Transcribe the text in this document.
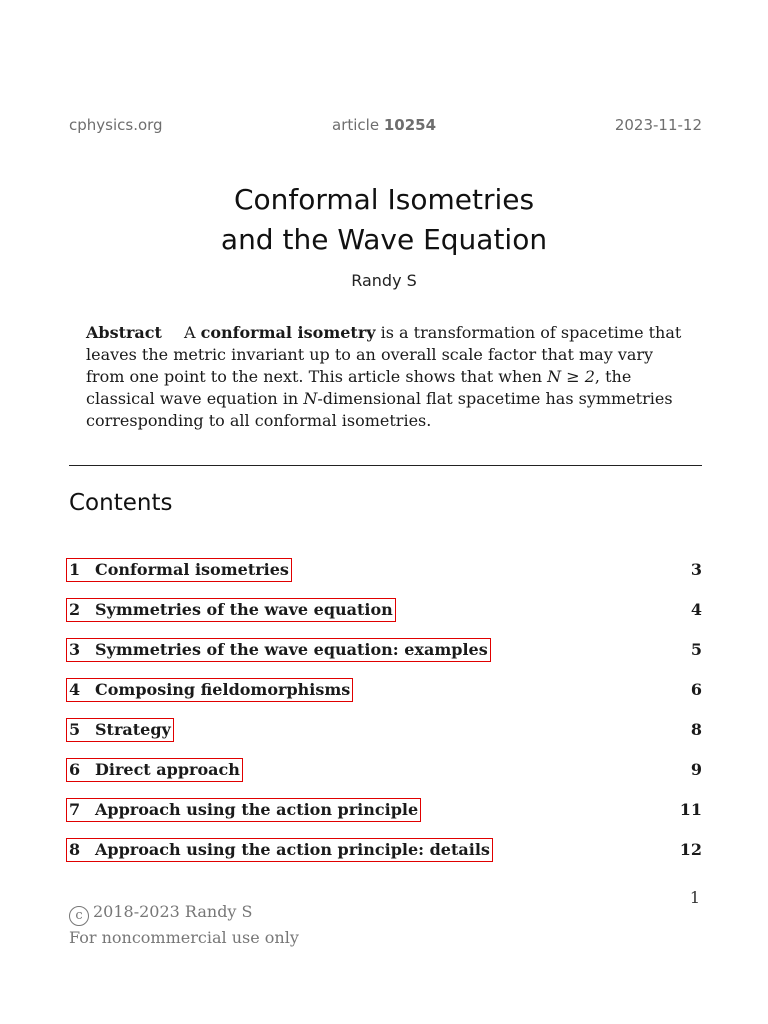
cphysics.org	article 10254	2023-11-12
Conformal Isometries
and the Wave Equation
Randy S
Abstract A conformal isometry is a transformation of spacetime that leaves the metric invariant up to an overall scale factor that may vary from one point to the next. This article shows that when N ≥ 2, the classical wave equation in N-dimensional flat spacetime has symmetries corresponding to all conformal isometries.
Contents
1 Conformal isometries	3
2 Symmetries of the wave equation	4
3 Symmetries of the wave equation: examples	5
4 Composing fieldomorphisms	6
5 Strategy	8
6 Direct approach	9
7 Approach using the action principle	11
8 Approach using the action principle: details	12
1
c 2018-2023 Randy S
For noncommercial use only
